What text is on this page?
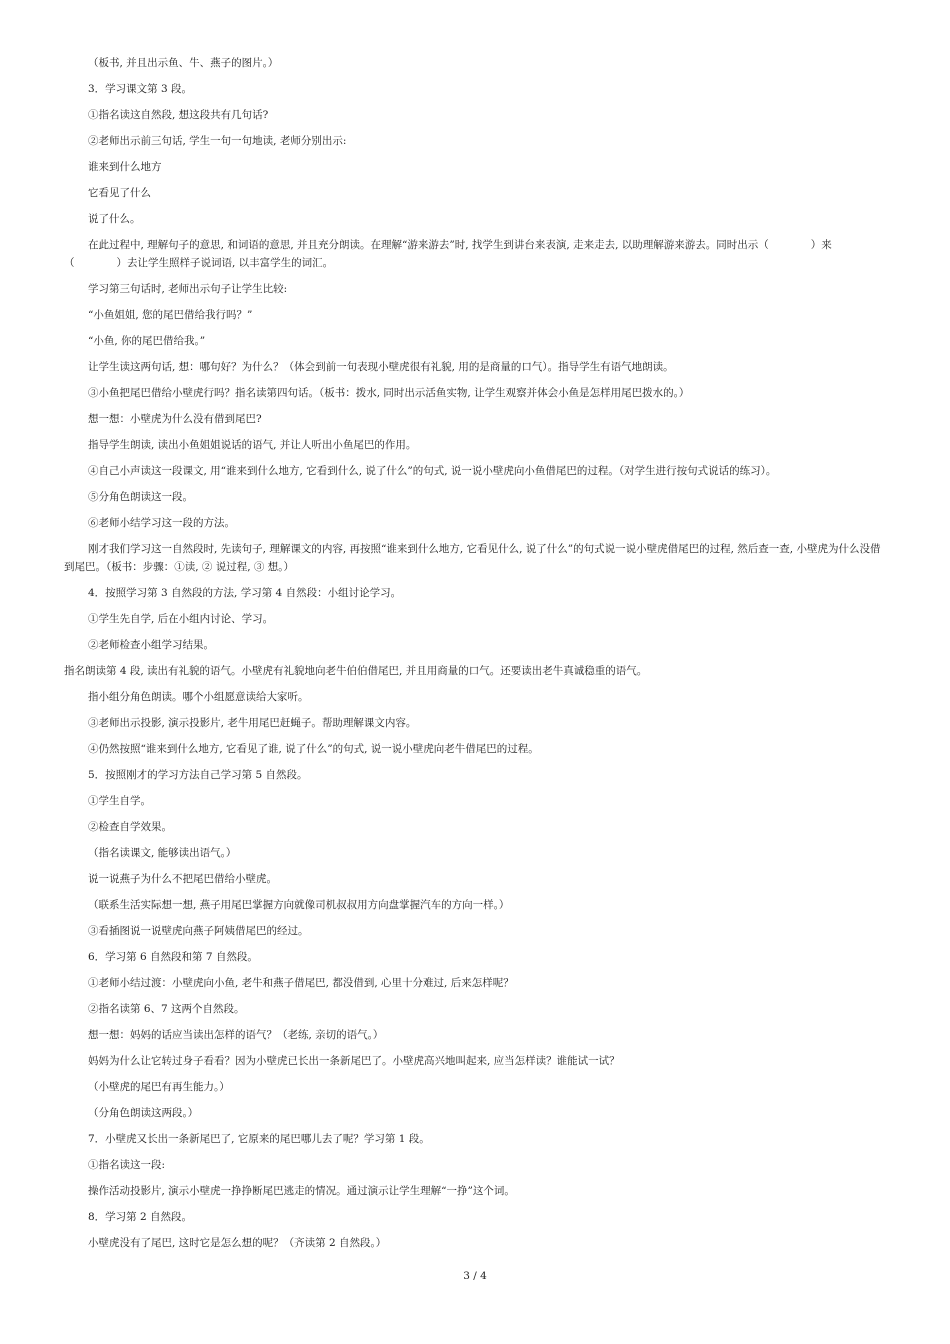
（板书, 并且出示鱼、牛、燕子的图片。）
3．学习课文第 3 段。
①指名读这自然段, 想这段共有几句话?
②老师出示前三句话, 学生一句一句地读, 老师分别出示:
谁来到什么地方
它看见了什么
说了什么。
在此过程中, 理解句子的意思, 和词语的意思, 并且充分朗读。在理解“游来游去”时, 找学生到讲台来表演, 走来走去, 以助理解游来游去。同时出示（　　　　）来（　　　　）去让学生照样子说词语, 以丰富学生的词汇。
学习第三句话时, 老师出示句子让学生比较:
“小鱼姐姐, 您的尾巴借给我行吗？”
“小鱼, 你的尾巴借给我。”
让学生读这两句话, 想：哪句好？为什么？（体会到前一句表现小壁虎很有礼貌, 用的是商量的口气）。指导学生有语气地朗读。
③小鱼把尾巴借给小壁虎行吗？指名读第四句话。（板书：拨水, 同时出示活鱼实物, 让学生观察并体会小鱼是怎样用尾巴拨水的。）
想一想：小壁虎为什么没有借到尾巴?
指导学生朗读, 读出小鱼姐姐说话的语气, 并让人听出小鱼尾巴的作用。
④自己小声读这一段课文, 用“谁来到什么地方, 它看到什么, 说了什么”的句式, 说一说小壁虎向小鱼借尾巴的过程。（对学生进行按句式说话的练习）。
⑤分角色朗读这一段。
⑥老师小结学习这一段的方法。
刚才我们学习这一自然段时, 先读句子, 理解课文的内容, 再按照“谁来到什么地方, 它看见什么, 说了什么”的句式说一说小壁虎借尾巴的过程, 然后查一查, 小壁虎为什么没借到尾巴。（板书：步骤：①读, ② 说过程, ③ 想。）
4．按照学习第 3 自然段的方法, 学习第 4 自然段：小组讨论学习。
①学生先自学, 后在小组内讨论、学习。
②老师检查小组学习结果。
指名朗读第 4 段, 读出有礼貌的语气。小壁虎有礼貌地向老牛伯伯借尾巴, 并且用商量的口气。还要读出老牛真诚稳重的语气。
指小组分角色朗读。哪个小组愿意读给大家听。
③老师出示投影, 演示投影片, 老牛用尾巴赶蝇子。帮助理解课文内容。
④仍然按照“谁来到什么地方, 它看见了谁, 说了什么”的句式, 说一说小壁虎向老牛借尾巴的过程。
5．按照刚才的学习方法自己学习第 5 自然段。
①学生自学。
②检查自学效果。
（指名读课文, 能够读出语气。）
说一说燕子为什么不把尾巴借给小壁虎。
（联系生活实际想一想, 燕子用尾巴掌握方向就像司机叔叔用方向盘掌握汽车的方向一样。）
③看插图说一说壁虎向燕子阿姨借尾巴的经过。
6．学习第 6 自然段和第 7 自然段。
①老师小结过渡：小壁虎向小鱼, 老牛和燕子借尾巴, 都没借到, 心里十分难过, 后来怎样呢？
②指名读第 6、7 这两个自然段。
想一想：妈妈的话应当读出怎样的语气？（老练, 亲切的语气。）
妈妈为什么让它转过身子看看？因为小壁虎已长出一条新尾巴了。小壁虎高兴地叫起来, 应当怎样读？谁能试一试？
（小壁虎的尾巴有再生能力。）
（分角色朗读这两段。）
7．小壁虎又长出一条新尾巴了, 它原来的尾巴哪儿去了呢？学习第 1 段。
①指名读这一段:
操作活动投影片, 演示小壁虎一挣挣断尾巴逃走的情况。通过演示让学生理解“一挣”这个词。
8．学习第 2 自然段。
小壁虎没有了尾巴, 这时它是怎么想的呢？（齐读第 2 自然段。）
3 / 4
